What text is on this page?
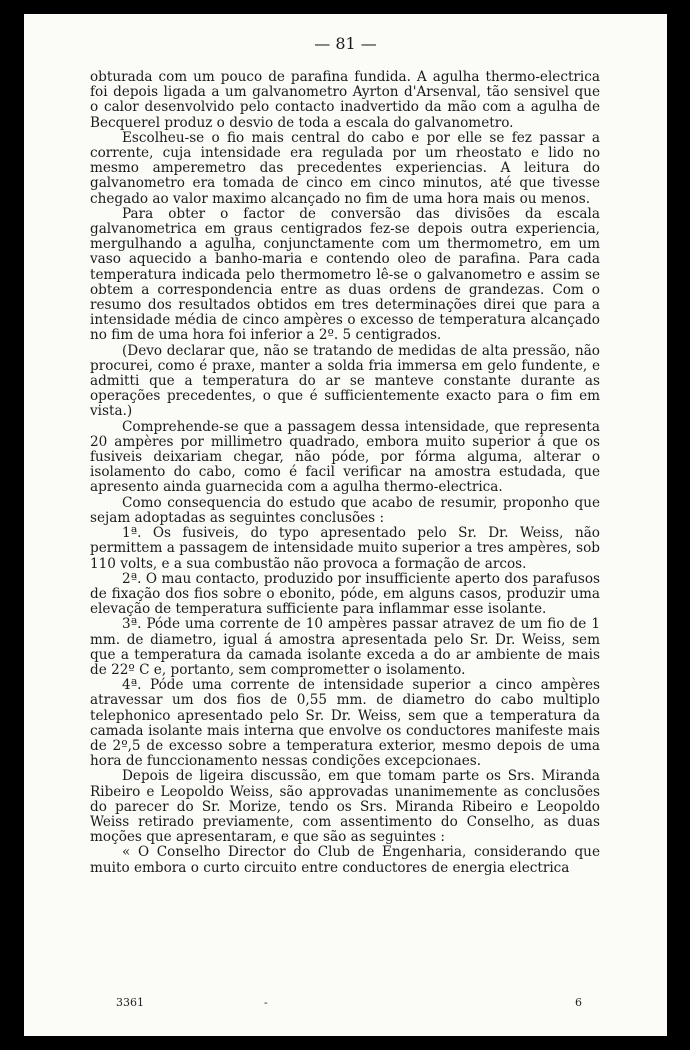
— 81 —

obturada com um pouco de parafina fundida. A agulha thermo-electrica foi depois ligada a um galvanometro Ayrton d'Arsenval, tão sensivel que o calor desenvolvido pelo contacto inadvertido da mão com a agulha de Becquerel produz o desvio de toda a escala do galvanometro.

Escolheu-se o fio mais central do cabo e por elle se fez passar a corrente, cuja intensidade era regulada por um rheostato e lido no mesmo amperemetro das precedentes experiencias. A leitura do galvanometro era tomada de cinco em cinco minutos, até que tivesse chegado ao valor maximo alcançado no fim de uma hora mais ou menos.

Para obter o factor de conversão das divisões da escala galvanometrica em graus centigrados fez-se depois outra experiencia, mergulhando a agulha, conjunctamente com um thermometro, em um vaso aquecido a banho-maria e contendo oleo de parafina. Para cada temperatura indicada pelo thermometro lê-se o galvanometro e assim se obtem a correspondencia entre as duas ordens de grandezas. Com o resumo dos resultados obtidos em tres determinações direi que para a intensidade média de cinco ampères o excesso de temperatura alcançado no fim de uma hora foi inferior a 2º. 5 centigrados.

(Devo declarar que, não se tratando de medidas de alta pressão, não procurei, como é praxe, manter a solda fria immersa em gelo fundente, e admitti que a temperatura do ar se manteve constante durante as operações precedentes, o que é sufficientemente exacto para o fim em vista.)

Comprehende-se que a passagem dessa intensidade, que representa 20 ampères por millimetro quadrado, embora muito superior á que os fusiveis deixariam chegar, não póde, por fórma alguma, alterar o isolamento do cabo, como é facil verificar na amostra estudada, que apresento ainda guarnecida com a agulha thermo-electrica.

Como consequencia do estudo que acabo de resumir, proponho que sejam adoptadas as seguintes conclusões :

1ª. Os fusiveis, do typo apresentado pelo Sr. Dr. Weiss, não permittem a passagem de intensidade muito superior a tres ampères, sob 110 volts, e a sua combustão não provoca a formação de arcos.

2ª. O mau contacto, produzido por insufficiente aperto dos parafusos de fixação dos fios sobre o ebonito, póde, em alguns casos, produzir uma elevação de temperatura sufficiente para inflammar esse isolante.

3ª. Póde uma corrente de 10 ampères passar atravez de um fio de 1 mm. de diametro, igual á amostra apresentada pelo Sr. Dr. Weiss, sem que a temperatura da camada isolante exceda a do ar ambiente de mais de 22º C e, portanto, sem comprometter o isolamento.

4ª. Póde uma corrente de intensidade superior a cinco ampères atravessar um dos fios de 0,55 mm. de diametro do cabo multiplo telephonico apresentado pelo Sr. Dr. Weiss, sem que a temperatura da camada isolante mais interna que envolve os conductores manifeste mais de 2º,5 de excesso sobre a temperatura exterior, mesmo depois de uma hora de funccionamento nessas condições excepcionaes.

Depois de ligeira discussão, em que tomam parte os Srs. Miranda Ribeiro e Leopoldo Weiss, são approvadas unanimemente as conclusões do parecer do Sr. Morize, tendo os Srs. Miranda Ribeiro e Leopoldo Weiss retirado previamente, com assentimento do Conselho, as duas moções que apresentaram, e que são as seguintes :

« O Conselho Director do Club de Engenharia, considerando que muito embora o curto circuito entre conductores de energia electrica

3361	-	6
